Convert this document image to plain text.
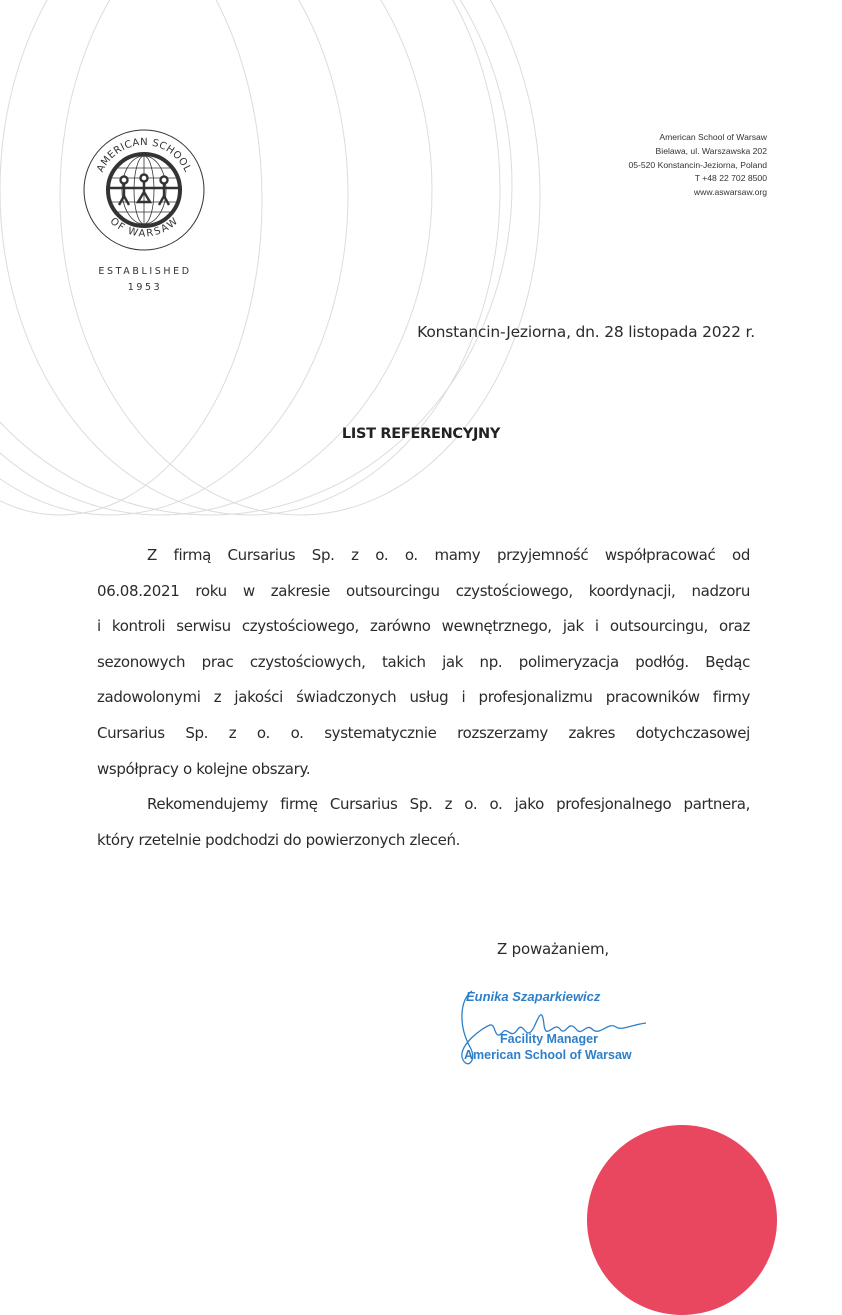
AMERICAN SCHOOL
OF WARSAW
ESTABLISHED
1953
American School of Warsaw
Bielawa, ul. Warszawska 202
05-520 Konstancin-Jeziorna, Poland
T +48 22 702 8500
www.aswarsaw.org
Konstancin-Jeziorna, dn. 28 listopada 2022 r.
LIST REFERENCYJNY
Z firmą Cursarius Sp. z o. o. mamy przyjemność współpracować od
06.08.2021 roku w zakresie outsourcingu czystościowego, koordynacji, nadzoru
i kontroli serwisu czystościowego, zarówno wewnętrznego, jak i outsourcingu, oraz
sezonowych prac czystościowych, takich jak np. polimeryzacja podłóg. Będąc
zadowolonymi z jakości świadczonych usług i profesjonalizmu pracowników firmy
Cursarius Sp. z o. o. systematycznie rozszerzamy zakres dotychczasowej
współpracy o kolejne obszary.
Rekomendujemy firmę Cursarius Sp. z o. o. jako profesjonalnego partnera,
który rzetelnie podchodzi do powierzonych zleceń.
Z poważaniem,
Eunika Szaparkiewicz
Facility Manager
American School of Warsaw
